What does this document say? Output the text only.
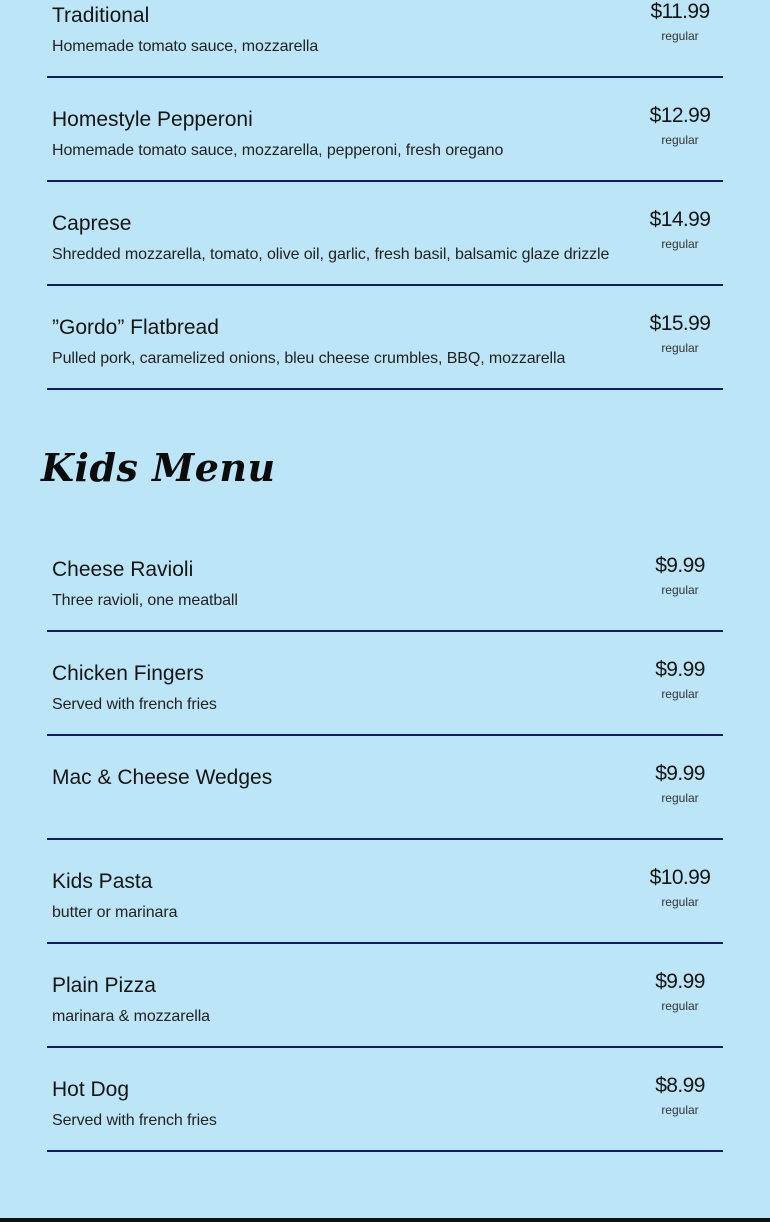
Traditional
Homemade tomato sauce, mozzarella
$11.99
regular
Homestyle Pepperoni
Homemade tomato sauce, mozzarella, pepperoni, fresh oregano
$12.99
regular
Caprese
Shredded mozzarella, tomato, olive oil, garlic, fresh basil, balsamic glaze drizzle
$14.99
regular
”Gordo” Flatbread
Pulled pork, caramelized onions, bleu cheese crumbles, BBQ, mozzarella
$15.99
regular
Kids Menu
Cheese Ravioli
Three ravioli, one meatball
$9.99
regular
Chicken Fingers
Served with french fries
$9.99
regular
Mac & Cheese Wedges	$9.99
regular
Kids Pasta
butter or marinara
$10.99
regular
Plain Pizza
marinara & mozzarella
$9.99
regular
Hot Dog
Served with french fries
$8.99
regular
